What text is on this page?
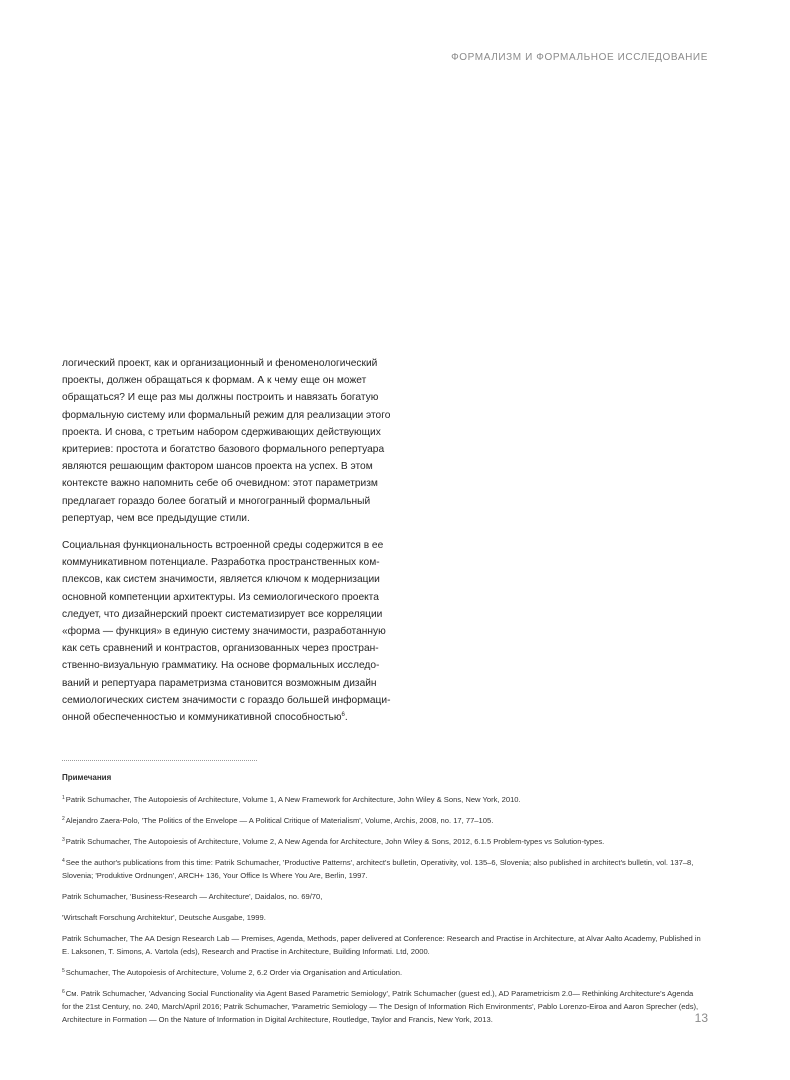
ФОРМАЛИЗМ И ФОРМАЛЬНОЕ ИССЛЕДОВАНИЕ

логический проект, как и организационный и феноменологический
проекты, должен обращаться к формам. А к чему еще он может
обращаться? И еще раз мы должны построить и навязать богатую
формальную систему или формальный режим для реализации этого
проекта. И снова, с третьим набором сдерживающих действующих
критериев: простота и богатство базового формального репертуара
являются решающим фактором шансов проекта на успех. В этом
контексте важно напомнить себе об очевидном: этот параметризм
предлагает гораздо более богатый и многогранный формальный
репертуар, чем все предыдущие стили.

Социальная функциональность встроенной среды содержится в ее
коммуникативном потенциале. Разработка пространственных ком-
плексов, как систем значимости, является ключом к модернизации
основной компетенции архитектуры. Из семиологического проекта
следует, что дизайнерский проект систематизирует все корреляции
«форма — функция» в единую систему значимости, разработанную
как сеть сравнений и контрастов, организованных через простран-
ственно-визуальную грамматику. На основе формальных исследо-
ваний и репертуара параметризма становится возможным дизайн
семиологических систем значимости с гораздо большей информаци-
онной обеспеченностью и коммуникативной способностью$^6$.

Примечания
$^1$Patrik Schumacher, The Autopoiesis of Architecture, Volume 1, A New Framework for Architecture, John Wiley & Sons, New York, 2010.
$^2$Alejandro Zaera-Polo, 'The Politics of the Envelope — A Political Critique of Materialism', Volume, Archis, 2008, no. 17, 77–105.
$^3$Patrik Schumacher, The Autopoiesis of Architecture, Volume 2, A New Agenda for Architecture, John Wiley & Sons, 2012, 6.1.5 Problem-types vs Solution-types.
$^4$See the author's publications from this time: Patrik Schumacher, 'Productive Patterns', architect's bulletin, Operativity, vol. 135–6, Slovenia; also published in architect's bulletin, vol. 137–8,
Slovenia; 'Produktive Ordnungen', ARCH+ 136, Your Office Is Where You Are, Berlin, 1997.
Patrik Schumacher, 'Business-Research — Architecture', Daidalos, no. 69/70,
'Wirtschaft Forschung Architektur', Deutsche Ausgabe, 1999.
Patrik Schumacher, The AA Design Research Lab — Premises, Agenda, Methods, paper delivered at Conference: Research and Practise in Architecture, at Alvar Aalto Academy, Published in
E. Laksonen, T. Simons, A. Vartola (eds), Research and Practise in Architecture, Building Informati. Ltd, 2000.
$^5$Schumacher, The Autopoiesis of Architecture, Volume 2, 6.2 Order via Organisation and Articulation.
$^6$См. Patrik Schumacher, 'Advancing Social Functionality via Agent Based Parametric Semiology', Patrik Schumacher (guest ed.), AD Parametricism 2.0— Rethinking Architecture's Agenda
for the 21st Century, no. 240, March/April 2016; Patrik Schumacher, 'Parametric Semiology — The Design of Information Rich Environments', Pablo Lorenzo-Eiroa and Aaron Sprecher (eds),
Architecture in Formation — On the Nature of Information in Digital Architecture, Routledge, Taylor and Francis, New York, 2013.	13
